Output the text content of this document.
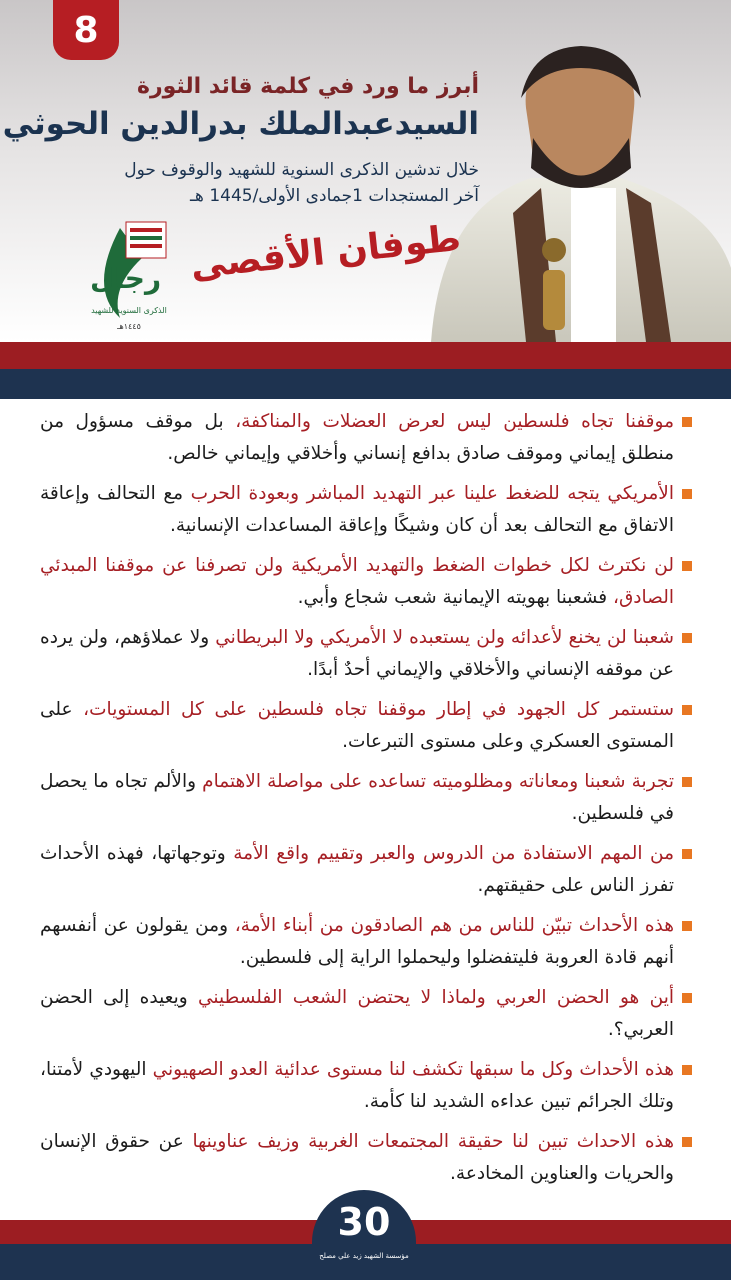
8
أبرز ما ورد في كلمة قائد الثورة
السيدعبدالملك بدرالدين الحوثي
خلال تدشين الذكرى السنوية للشهيد والوقوف حول
آخر المستجدات 1جمادى الأولى/1445 هـ
طوفان الأقصى
رجال
الذكرى السنوية للشهيد
١٤٤٥هـ
موقفنا تجاه فلسطين ليس لعرض العضلات والمناكفة، بل موقف مسؤول من منطلق إيماني وموقف صادق بدافع إنساني وأخلاقي وإيماني خالص.
الأمريكي يتجه للضغط علينا عبر التهديد المباشر وبعودة الحرب مع التحالف وإعاقة الاتفاق مع التحالف بعد أن كان وشيكًا وإعاقة المساعدات الإنسانية.
لن نكترث لكل خطوات الضغط والتهديد الأمريكية ولن تصرفنا عن موقفنا المبدئي الصادق، فشعبنا بهويته الإيمانية شعب شجاع وأبي.
شعبنا لن يخنع لأعدائه ولن يستعبده لا الأمريكي ولا البريطاني ولا عملاؤهم، ولن يرده عن موقفه الإنساني والأخلاقي والإيماني أحدٌ أبدًا.
ستستمر كل الجهود في إطار موقفنا تجاه فلسطين على كل المستويات، على المستوى العسكري وعلى مستوى التبرعات.
تجربة شعبنا ومعاناته ومظلوميته تساعده على مواصلة الاهتمام والألم تجاه ما يحصل في فلسطين.
من المهم الاستفادة من الدروس والعبر وتقييم واقع الأمة وتوجهاتها، فهذه الأحداث تفرز الناس على حقيقتهم.
هذه الأحداث تبيّن للناس من هم الصادقون من أبناء الأمة، ومن يقولون عن أنفسهم أنهم قادة العروبة فليتفضلوا وليحملوا الراية إلى فلسطين.
أين هو الحضن العربي ولماذا لا يحتضن الشعب الفلسطيني ويعيده إلى الحضن العربي؟.
هذه الأحداث وكل ما سبقها تكشف لنا مستوى عدائية العدو الصهيوني اليهودي لأمتنا، وتلك الجرائم تبين عداءه الشديد لنا كأمة.
هذه الاحداث تبين لنا حقيقة المجتمعات الغربية وزيف عناوينها عن حقوق الإنسان والحريات والعناوين المخادعة.
30
مؤسسة الشهيد زيد علي مصلح
